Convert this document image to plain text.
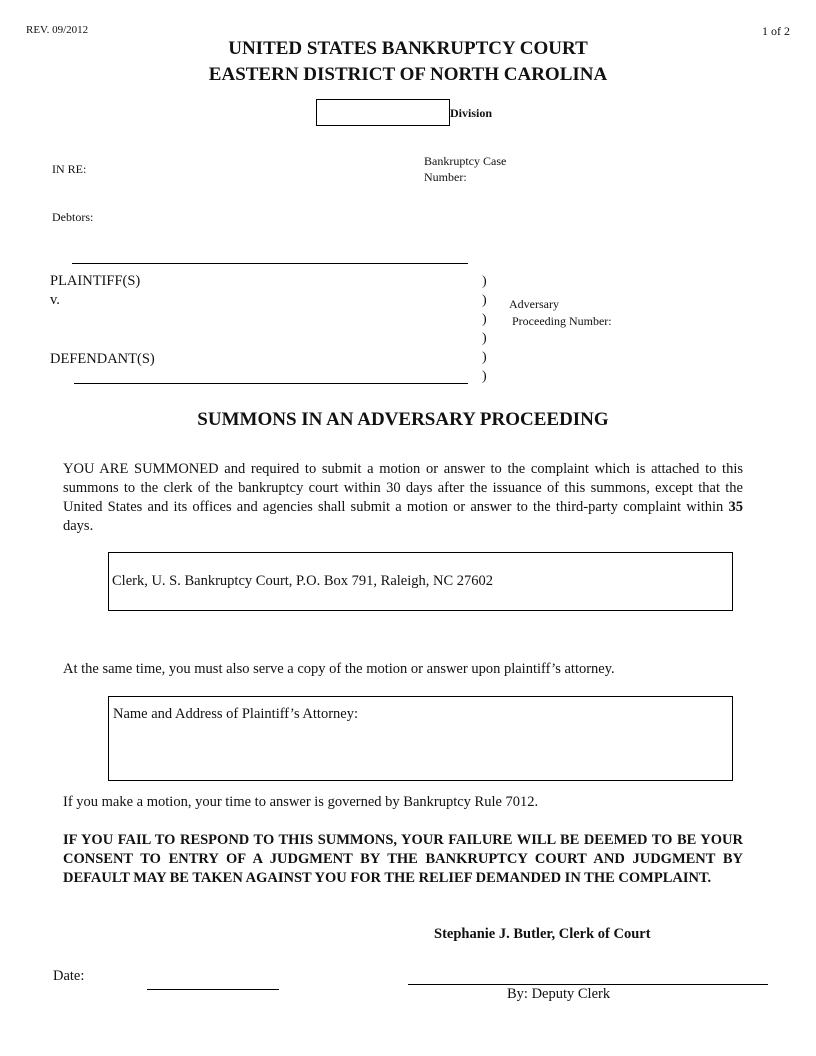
REV. 09/2012	1 of 2
UNITED STATES BANKRUPTCY COURT
EASTERN DISTRICT OF NORTH CAROLINA
Division
IN RE:
Bankruptcy Case
Number:
Debtors:
PLAINTIFF(S)
v.
DEFENDANT(S)
)
)
)
)
)
)
Adversary
Proceeding Number:
SUMMONS IN AN ADVERSARY PROCEEDING
YOU ARE SUMMONED and required to submit a motion or answer to the complaint which is attached to this summons to the clerk of the bankruptcy court within 30 days after the issuance of this summons, except that the United States and its offices and agencies shall submit a motion or answer to the third-party complaint within 35 days.
Clerk, U. S. Bankruptcy Court, P.O. Box 791, Raleigh, NC 27602
At the same time, you must also serve a copy of the motion or answer upon plaintiff’s attorney.
Name and Address of Plaintiff’s Attorney:
If you make a motion, your time to answer is governed by Bankruptcy Rule 7012.
IF YOU FAIL TO RESPOND TO THIS SUMMONS, YOUR FAILURE WILL BE DEEMED TO BE YOUR CONSENT TO ENTRY OF A JUDGMENT BY THE BANKRUPTCY COURT AND JUDGMENT BY DEFAULT MAY BE TAKEN AGAINST YOU FOR THE RELIEF DEMANDED IN THE COMPLAINT.
Stephanie J. Butler, Clerk of Court
Date:
By: Deputy Clerk
